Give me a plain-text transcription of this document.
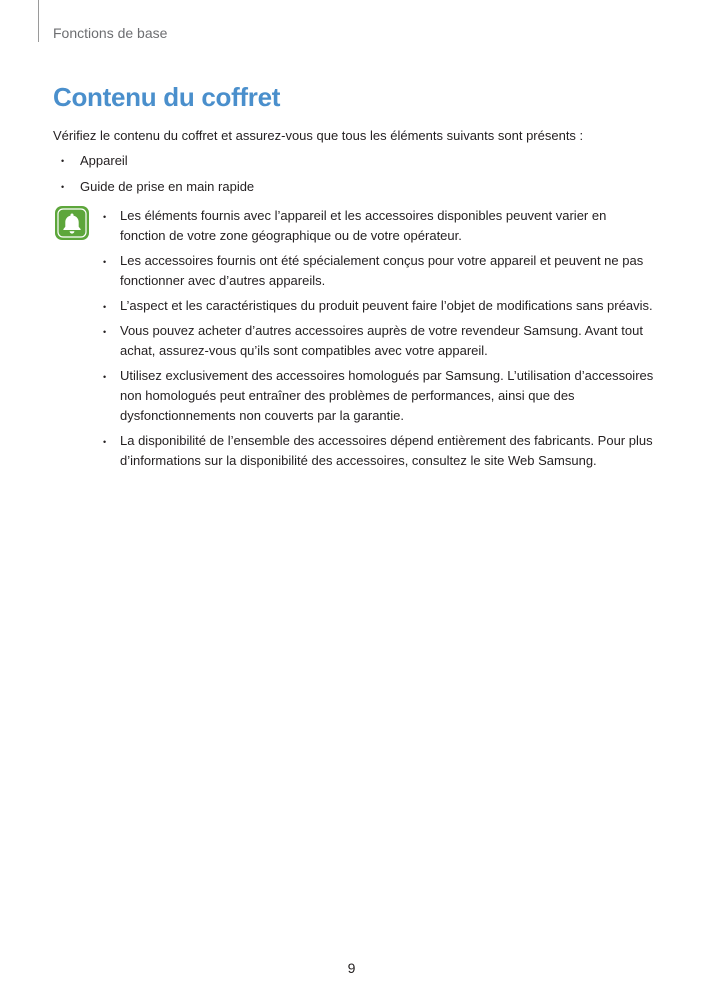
Fonctions de base
Contenu du coffret

Vérifiez le contenu du coffret et assurez-vous que tous les éléments suivants sont présents :

• Appareil
• Guide de prise en main rapide
• Les éléments fournis avec l’appareil et les accessoires disponibles peuvent varier en fonction de votre zone géographique ou de votre opérateur.
• Les accessoires fournis ont été spécialement conçus pour votre appareil et peuvent ne pas fonctionner avec d’autres appareils.
• L’aspect et les caractéristiques du produit peuvent faire l’objet de modifications sans préavis.
• Vous pouvez acheter d’autres accessoires auprès de votre revendeur Samsung. Avant tout achat, assurez-vous qu’ils sont compatibles avec votre appareil.
• Utilisez exclusivement des accessoires homologués par Samsung. L’utilisation d’accessoires non homologués peut entraîner des problèmes de performances, ainsi que des dysfonctionnements non couverts par la garantie.
• La disponibilité de l’ensemble des accessoires dépend entièrement des fabricants. Pour plus d’informations sur la disponibilité des accessoires, consultez le site Web Samsung.
9
